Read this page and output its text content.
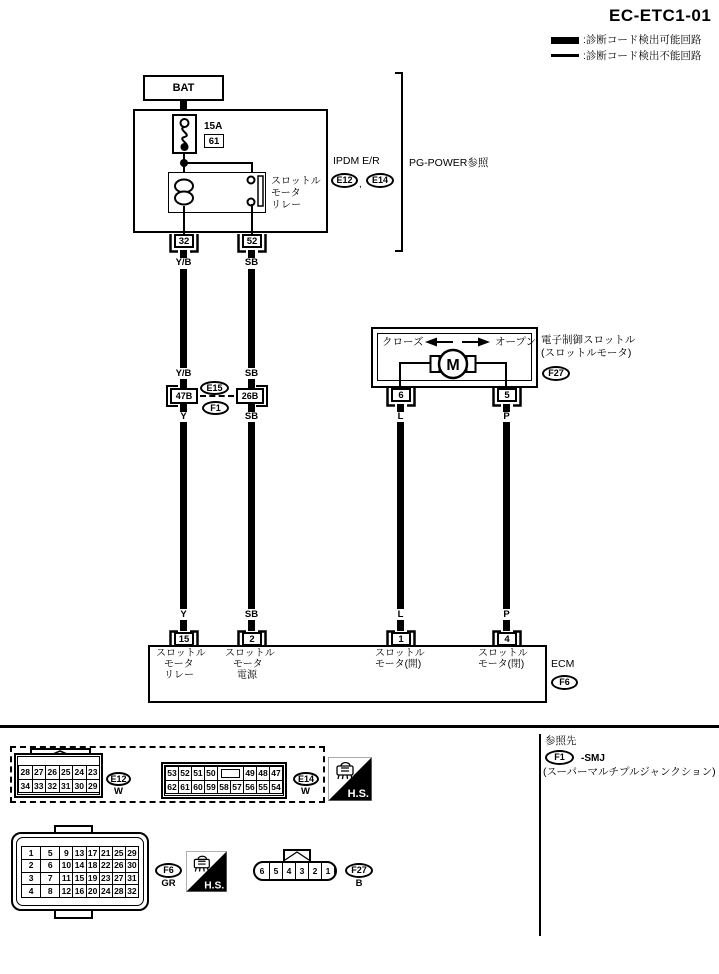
EC-ETC1-01
:診断コード検出可能回路
:診断コード検出不能回路
BAT
15A
61
スロットル
モータ
リレー
IPDM E/R
E12 ,	E14
PG-POWER参照
32	52
Y/B	SB
Y/B	SB
47B	26B
E15
F1
Y	SB
クローズ	オープン
M
電子制御スロットル
(スロットルモータ)
F27
6	5
L	P
Y	SB	L	P
15	2	1	4
スロットル
モータ
リレー
スロットル
モータ
電源
スロットル
モータ(開)
スロットル
モータ(閉)	ECM
F6
28 27 26 25 24 23
34 33 32 31 30 29
E12
W
53 52 51 50	49 48 47
62 61 60 59 58 57 56 55 54
E14
W	H.S.
1	5	9 13 17 21 25 29
2	6	10 14 18 22 26 30
3	7	11 15 19 23 27 31
4	8	12 16 20 24 28 32
F6
GR	H.S.
6	5 4 3 2 1	F27
B
参照先
F1	-SMJ
(スーパーマルチプルジャンクション)
